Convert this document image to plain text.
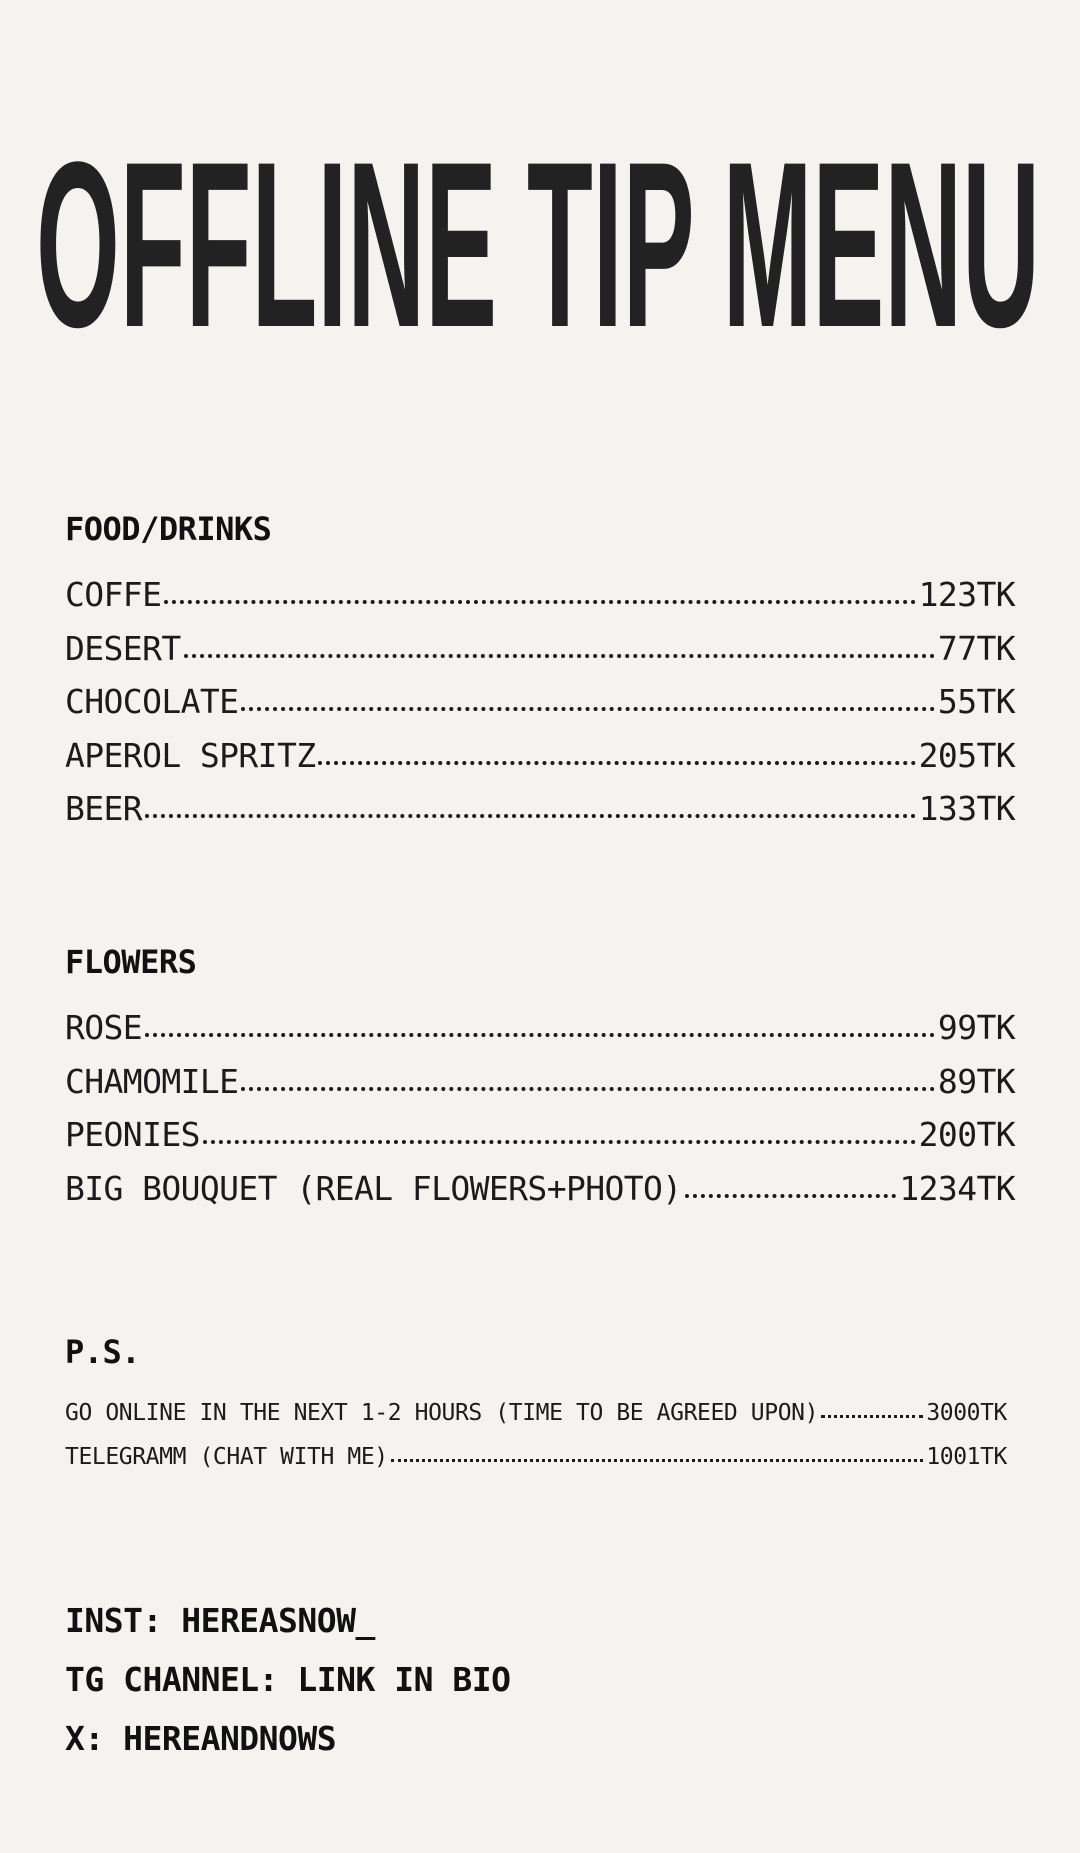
OFFLINE TIP MENU
FOOD/DRINKS
COFFE	123TK
DESERT	77TK
CHOCOLATE	55TK
APEROL SPRITZ	205TK
BEER	133TK
FLOWERS
ROSE	99TK
CHAMOMILE	89TK
PEONIES	200TK
BIG BOUQUET (REAL FLOWERS+PHOTO)	1234TK
P.S.
GO ONLINE IN THE NEXT 1-2 HOURS (TIME TO BE AGREED UPON)	3000TK
TELEGRAMM (CHAT WITH ME)	1001TK
INST: HEREASNOW_
TG CHANNEL: LINK IN BIO
X: HEREANDNOWS
